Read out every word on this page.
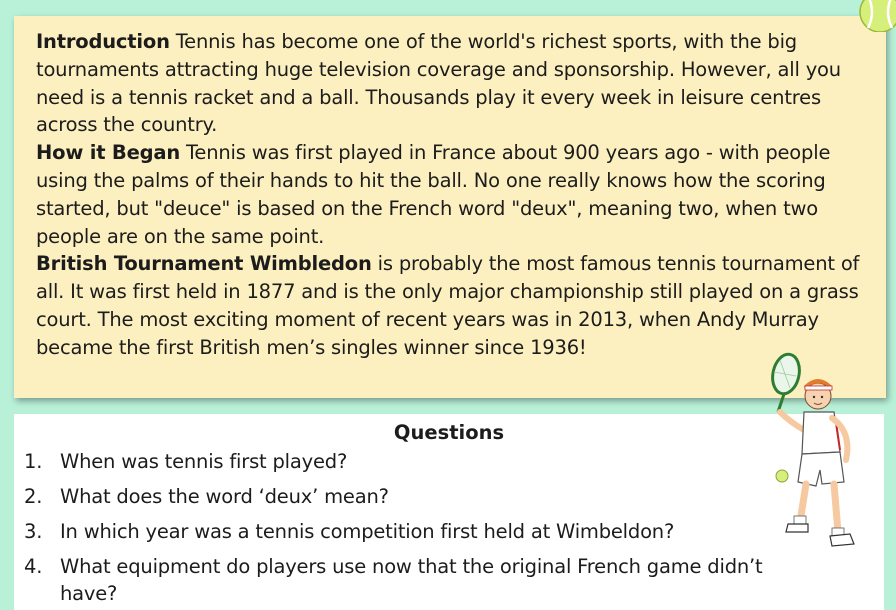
Introduction Tennis has become one of the world's richest sports, with the big tournaments attracting huge television coverage and sponsorship. However, all you need is a tennis racket and a ball. Thousands play it every week in leisure centres across the country.

How it Began Tennis was first played in France about 900 years ago - with people using the palms of their hands to hit the ball. No one really knows how the scoring started, but "deuce" is based on the French word "deux", meaning two, when two people are on the same point.

British Tournament Wimbledon is probably the most famous tennis tournament of all. It was first held in 1877 and is the only major championship still played on a grass court. The most exciting moment of recent years was in 2013, when Andy Murray became the first British men’s singles winner since 1936!

Questions
1. When was tennis first played?
2. What does the word ‘deux’ mean?
3. In which year was a tennis competition first held at Wimbeldon?
4. What equipment do players use now that the original French game didn’t have?
